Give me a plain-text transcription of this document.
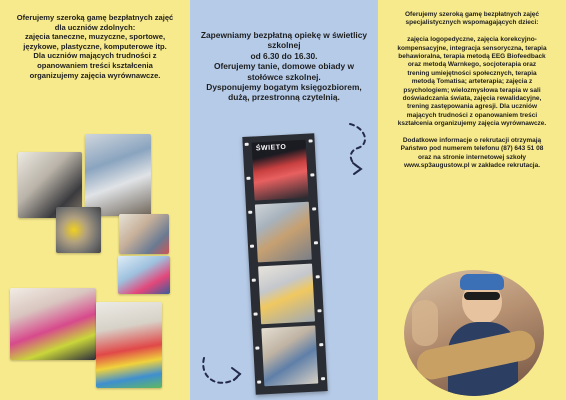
Oferujemy szeroką gamę bezpłatnych zajęć dla uczniów zdolnych:
zajęcia taneczne, muzyczne, sportowe, językowe, plastyczne, komputerowe itp.
Dla uczniów mających trudności z opanowaniem treści kształcenia organizujemy zajęcia wyrównawcze.
Zapewniamy bezpłatną opiekę w świetlicy szkolnej
od 6.30 do 16.30.
Oferujemy tanie, domowe obiady w stołówce szkolnej.
Dysponujemy bogatym księgozbiorem, dużą, przestronną czytelnią.
ŚWIETO
Oferujemy szeroką gamę bezpłatnych zajęć specjalistycznych wspomagających dzieci:
zajęcia logopedyczne, zajęcia korekcyjno-kompensacyjne, integracja sensoryczna, terapia behawioralna, terapia metodą EEG Biofeedback oraz metodą Warnkego, socjoterapia oraz trening umiejętności społecznych, terapia metodą Tomatisa; arteterapia; zajęcia z psychologiem; wielozmysłowa terapia w sali doświadczania świata, zajęcia rewalidacyjne, trening zastępowania agresji. Dla uczniów mających trudności z opanowaniem treści kształcenia organizujemy zajęcia wyrównawcze.
Dodatkowe informacje o rekrutacji otrzymają Państwo pod numerem telefonu (87) 643 51 08 oraz na stronie internetowej szkoły www.sp3augustow.pl w zakładce rekrutacja.
